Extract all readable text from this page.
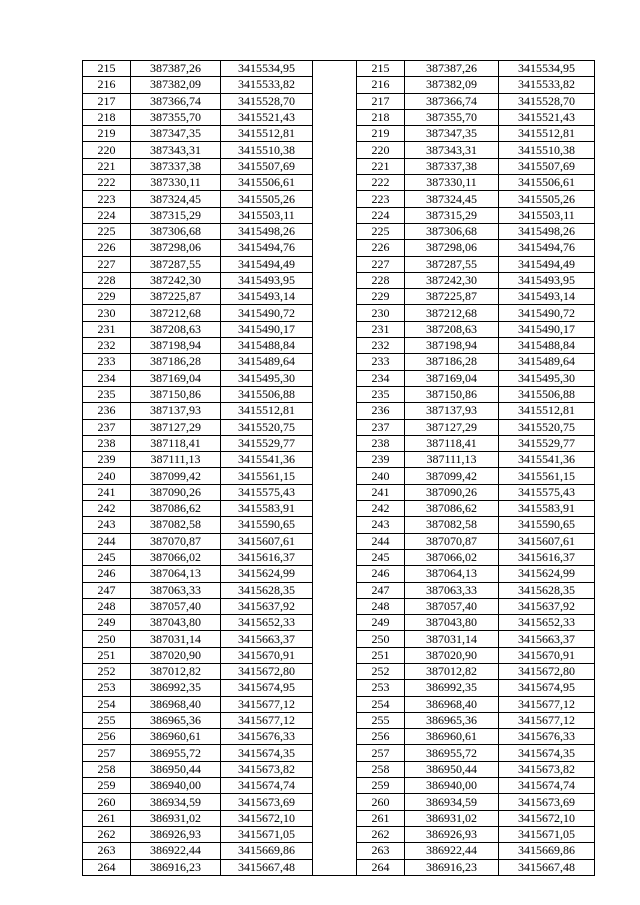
215	387387,26	3415534,95		215	387387,26	3415534,95
216	387382,09	3415533,82		216	387382,09	3415533,82
217	387366,74	3415528,70		217	387366,74	3415528,70
218	387355,70	3415521,43		218	387355,70	3415521,43
219	387347,35	3415512,81		219	387347,35	3415512,81
220	387343,31	3415510,38		220	387343,31	3415510,38
221	387337,38	3415507,69		221	387337,38	3415507,69
222	387330,11	3415506,61		222	387330,11	3415506,61
223	387324,45	3415505,26		223	387324,45	3415505,26
224	387315,29	3415503,11		224	387315,29	3415503,11
225	387306,68	3415498,26		225	387306,68	3415498,26
226	387298,06	3415494,76		226	387298,06	3415494,76
227	387287,55	3415494,49		227	387287,55	3415494,49
228	387242,30	3415493,95		228	387242,30	3415493,95
229	387225,87	3415493,14		229	387225,87	3415493,14
230	387212,68	3415490,72		230	387212,68	3415490,72
231	387208,63	3415490,17		231	387208,63	3415490,17
232	387198,94	3415488,84		232	387198,94	3415488,84
233	387186,28	3415489,64		233	387186,28	3415489,64
234	387169,04	3415495,30		234	387169,04	3415495,30
235	387150,86	3415506,88		235	387150,86	3415506,88
236	387137,93	3415512,81		236	387137,93	3415512,81
237	387127,29	3415520,75		237	387127,29	3415520,75
238	387118,41	3415529,77		238	387118,41	3415529,77
239	387111,13	3415541,36		239	387111,13	3415541,36
240	387099,42	3415561,15		240	387099,42	3415561,15
241	387090,26	3415575,43		241	387090,26	3415575,43
242	387086,62	3415583,91		242	387086,62	3415583,91
243	387082,58	3415590,65		243	387082,58	3415590,65
244	387070,87	3415607,61		244	387070,87	3415607,61
245	387066,02	3415616,37		245	387066,02	3415616,37
246	387064,13	3415624,99		246	387064,13	3415624,99
247	387063,33	3415628,35		247	387063,33	3415628,35
248	387057,40	3415637,92		248	387057,40	3415637,92
249	387043,80	3415652,33		249	387043,80	3415652,33
250	387031,14	3415663,37		250	387031,14	3415663,37
251	387020,90	3415670,91		251	387020,90	3415670,91
252	387012,82	3415672,80		252	387012,82	3415672,80
253	386992,35	3415674,95		253	386992,35	3415674,95
254	386968,40	3415677,12		254	386968,40	3415677,12
255	386965,36	3415677,12		255	386965,36	3415677,12
256	386960,61	3415676,33		256	386960,61	3415676,33
257	386955,72	3415674,35		257	386955,72	3415674,35
258	386950,44	3415673,82		258	386950,44	3415673,82
259	386940,00	3415674,74		259	386940,00	3415674,74
260	386934,59	3415673,69		260	386934,59	3415673,69
261	386931,02	3415672,10		261	386931,02	3415672,10
262	386926,93	3415671,05		262	386926,93	3415671,05
263	386922,44	3415669,86		263	386922,44	3415669,86
264	386916,23	3415667,48		264	386916,23	3415667,48
